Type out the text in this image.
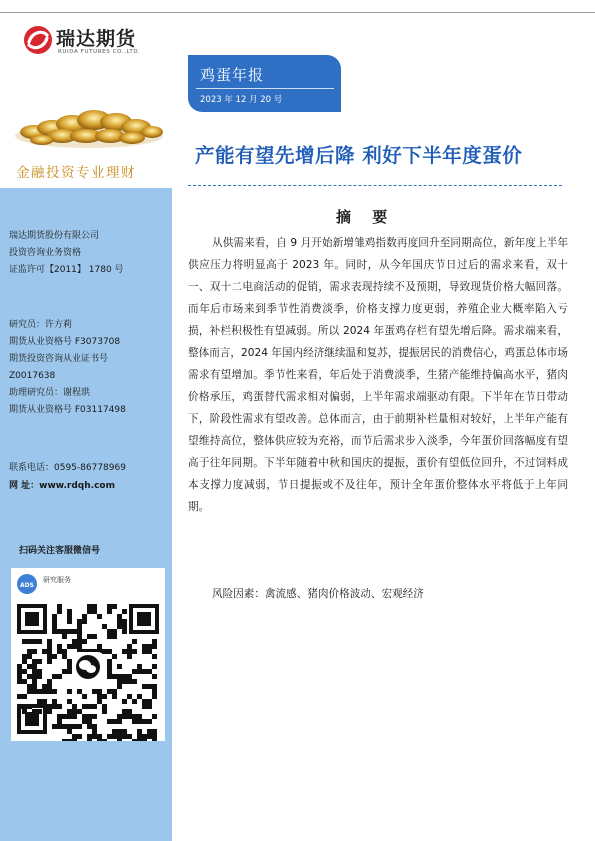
瑞达期货
RUIDA FUTURES CO.,LTD.
金融投资专业理财
瑞达期货股份有限公司
投资咨询业务资格
证监许可【2011】 1780 号
研究员：许方莉
期货从业资格号 F3073708
期货投资咨询从业证书号
Z0017638
助理研究员：谢程珙
期货从业资格号 F03117498
联系电话：0595-86778969
网 址：www.rdqh.com
扫码关注客服微信号
ADS
研究服务
鸡蛋年报
2023 年 12 月 20 号
产能有望先增后降 利好下半年度蛋价
摘 要
从供需来看，自 9 月开始新增雏鸡指数再度回升至同期高位，新年度上半年供应压力将明显高于 2023 年。同时，从今年国庆节日过后的需求来看，双十一、双十二电商活动的促销，需求表现持续不及预期，导致现货价格大幅回落。而年后市场来到季节性消费淡季，价格支撑力度更弱，养殖企业大概率陷入亏损，补栏积极性有望减弱。所以 2024 年蛋鸡存栏有望先增后降。需求端来看，整体而言，2024 年国内经济继续温和复苏，提振居民的消费信心，鸡蛋总体市场需求有望增加。季节性来看，年后处于消费淡季，生猪产能维持偏高水平，猪肉价格承压，鸡蛋替代需求相对偏弱，上半年需求端驱动有限。下半年在节日带动下，阶段性需求有望改善。总体而言，由于前期补栏量相对较好，上半年产能有望维持高位，整体供应较为充裕，而节后需求步入淡季，今年蛋价回落幅度有望高于往年同期。下半年随着中秋和国庆的提振，蛋价有望低位回升，不过饲料成本支撑力度减弱，节日提振或不及往年，预计全年蛋价整体水平将低于上年同期。
风险因素：禽流感、猪肉价格波动、宏观经济
